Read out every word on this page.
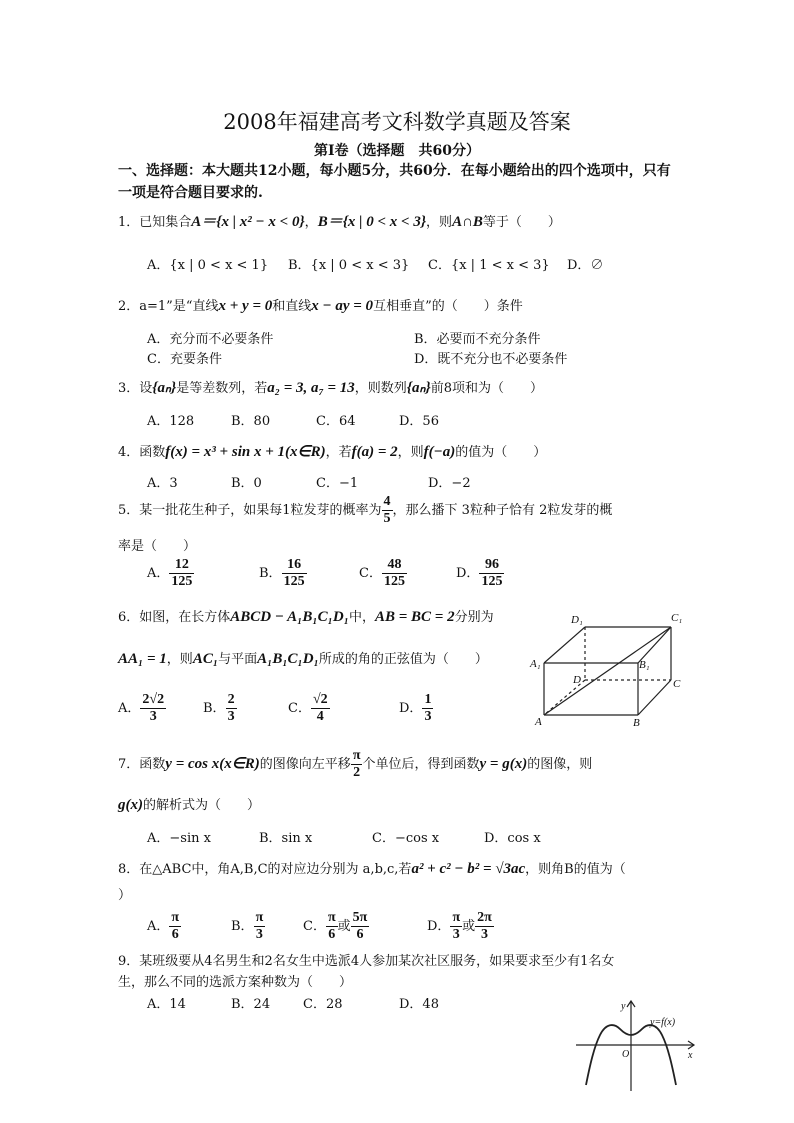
2008年福建高考文科数学真题及答案
第Ⅰ卷（选择题　共60分）
一、选择题：本大题共12小题，每小题5分，共60分．在每小题给出的四个选项中，只有一项是符合题目要求的.
1．已知集合A＝{x | x² − x < 0}，B＝{x | 0 < x < 3}，则A∩B等于（　　）
A．{x | 0 < x < 1} B．{x | 0 < x < 3} C．{x | 1 < x < 3} D．∅
2．a=1”是“直线x + y = 0和直线x − ay = 0互相垂直”的（　　）条件
A．充分而不必要条件	B．必要而不充分条件
C．充要条件	D．既不充分也不必要条件
3．设{aₙ}是等差数列，若a₂ = 3, a₇ = 13，则数列{aₙ}前8项和为（　　）
A．128	B．80	C．64	D．56
4．函数f(x) = x³ + sin x + 1(x∈R)，若f(a) = 2，则f(−a)的值为（　　）
A．3	B．0	C．−1	D．−2
5．某一批花生种子，如果每1粒发芽的概率为 $\frac{4}{5}$ ，那么播下 3粒种子恰有 2粒发芽的概
率是（　　）
A． $\frac{12}{125}$	B． $\frac{16}{125}$	C． $\frac{48}{125}$	D． $\frac{96}{125}$
6．如图，在长方体ABCD − A₁B₁C₁D₁中，AB = BC = 2分别为
AA₁ = 1，则AC₁与平面A₁B₁C₁D₁所成的角的正弦值为（　　）
A． $\frac{2√2}{3}$	B． $\frac{2}{3}$	C． $\frac{√2}{4}$	D． $\frac{1}{3}$
D₁	C₁
A₁	B₁
D	C
A	B
7．函数y = cos x(x∈R)的图像向左平移 $\frac{\pi}{2}$ 个单位后，得到函数y = g(x)的图像，则
g(x)的解析式为（　　）
A．−sin x	B．sin x	C．−cos x	D．cos x
8．在△ABC中，角A,B,C的对应边分别为 a,b,c,若a² + c² − b² = √3ac，则角B的值为（
）
A． $\frac{\pi}{6}$	B． $\frac{\pi}{3}$	C． $\frac{\pi}{6}$ 或 $\frac{5\pi}{6}$	D． $\frac{\pi}{3}$ 或 $\frac{2\pi}{3}$
9．某班级要从4名男生和2名女生中选派4人参加某次社区服务，如果要求至少有1名女
生，那么不同的选派方案种数为（　　）
A．14	B．24	C．28	D．48
y=f(x)
x
y
O
